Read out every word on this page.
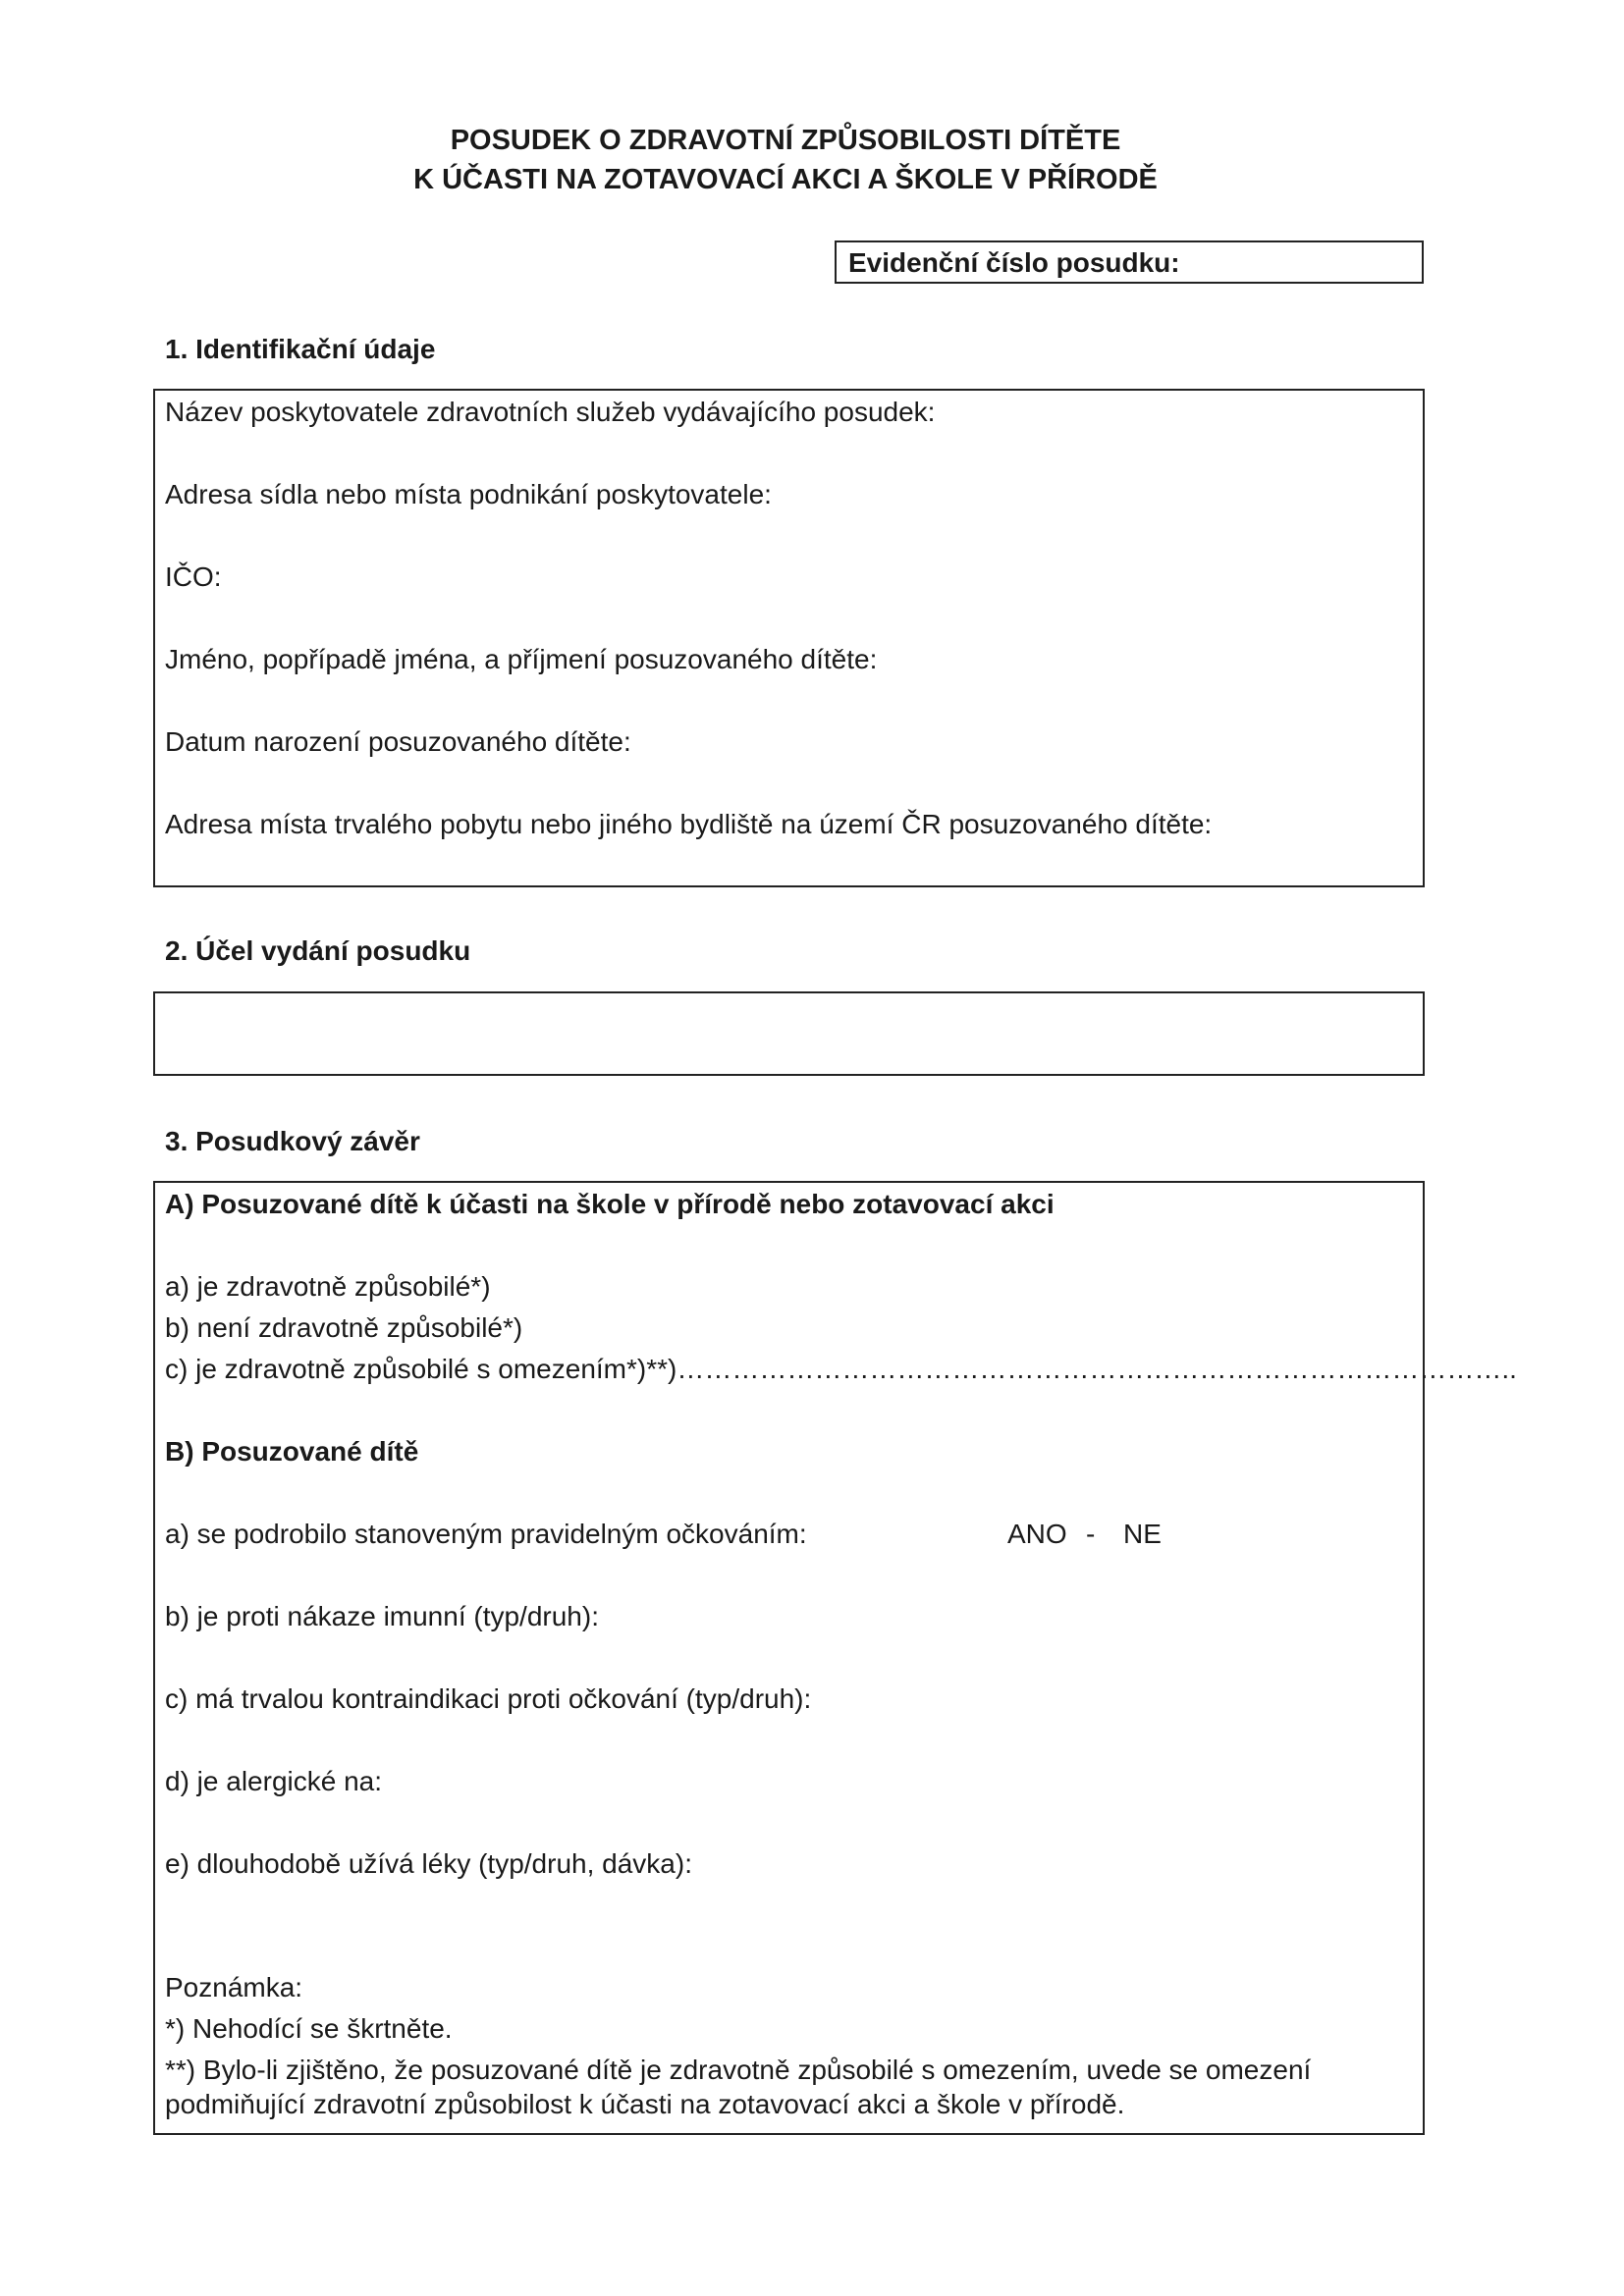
POSUDEK O ZDRAVOTNÍ ZPŮSOBILOSTI DÍTĚTE
K ÚČASTI NA ZOTAVOVACÍ AKCI A ŠKOLE V PŘÍRODĚ
Evidenční číslo posudku:
1. Identifikační údaje
Název poskytovatele zdravotních služeb vydávajícího posudek:
Adresa sídla nebo místa podnikání poskytovatele:
IČO:
Jméno, popřípadě jména, a příjmení posuzovaného dítěte:
Datum narození posuzovaného dítěte:
Adresa místa trvalého pobytu nebo jiného bydliště na území ČR posuzovaného dítěte:
2. Účel vydání posudku
3. Posudkový závěr
A) Posuzované dítě k účasti na škole v přírodě nebo zotavovací akci
a) je zdravotně způsobilé*)
b) není zdravotně způsobilé*)
c) je zdravotně způsobilé s omezením*)**)………………………………………………………………………………..
B) Posuzované dítě
a) se podrobilo stanoveným pravidelným očkováním:	ANO - NE
b) je proti nákaze imunní (typ/druh):
c) má trvalou kontraindikaci proti očkování (typ/druh):
d) je alergické na:
e) dlouhodobě užívá léky (typ/druh, dávka):
Poznámka:
*) Nehodící se škrtněte.
**) Bylo-li zjištěno, že posuzované dítě je zdravotně způsobilé s omezením, uvede se omezení
podmiňující zdravotní způsobilost k účasti na zotavovací akci a škole v přírodě.
